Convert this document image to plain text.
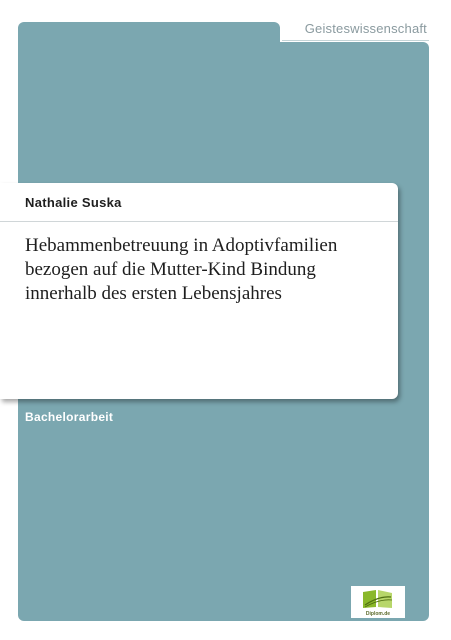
Geisteswissenschaft
Nathalie Suska
Hebammenbetreuung in Adoptivfamilien bezogen auf die Mutter-Kind Bindung innerhalb des ersten Lebensjahres
Bachelorarbeit
Diplom.de
